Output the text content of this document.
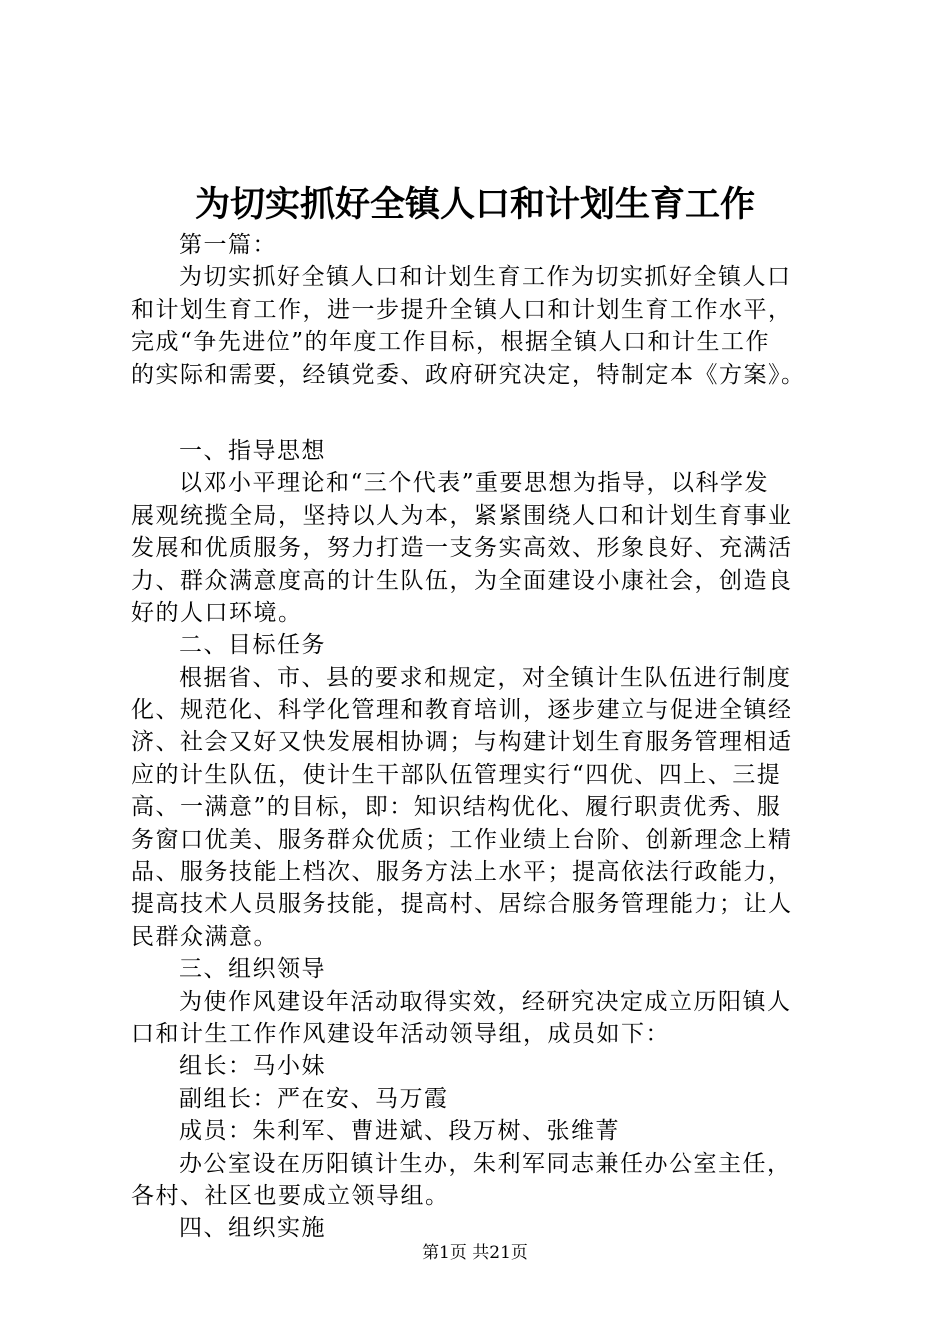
为切实抓好全镇人口和计划生育工作
第一篇：
为切实抓好全镇人口和计划生育工作为切实抓好全镇人口
和计划生育工作，进一步提升全镇人口和计划生育工作水平，
完成“争先进位”的年度工作目标，根据全镇人口和计生工作
的实际和需要，经镇党委、政府研究决定，特制定本《方案》。
一、指导思想
以邓小平理论和“三个代表”重要思想为指导，以科学发
展观统揽全局，坚持以人为本，紧紧围绕人口和计划生育事业
发展和优质服务，努力打造一支务实高效、形象良好、充满活
力、群众满意度高的计生队伍，为全面建设小康社会，创造良
好的人口环境。
二、目标任务
根据省、市、县的要求和规定，对全镇计生队伍进行制度
化、规范化、科学化管理和教育培训，逐步建立与促进全镇经
济、社会又好又快发展相协调；与构建计划生育服务管理相适
应的计生队伍，使计生干部队伍管理实行“四优、四上、三提
高、一满意”的目标，即：知识结构优化、履行职责优秀、服
务窗口优美、服务群众优质；工作业绩上台阶、创新理念上精
品、服务技能上档次、服务方法上水平；提高依法行政能力，
提高技术人员服务技能，提高村、居综合服务管理能力；让人
民群众满意。
三、组织领导
为使作风建设年活动取得实效，经研究决定成立历阳镇人
口和计生工作作风建设年活动领导组，成员如下：
组长：马小妹
副组长：严在安、马万霞
成员：朱利军、曹进斌、段万树、张维菁
办公室设在历阳镇计生办，朱利军同志兼任办公室主任，
各村、社区也要成立领导组。
四、组织实施
第1页 共21页
